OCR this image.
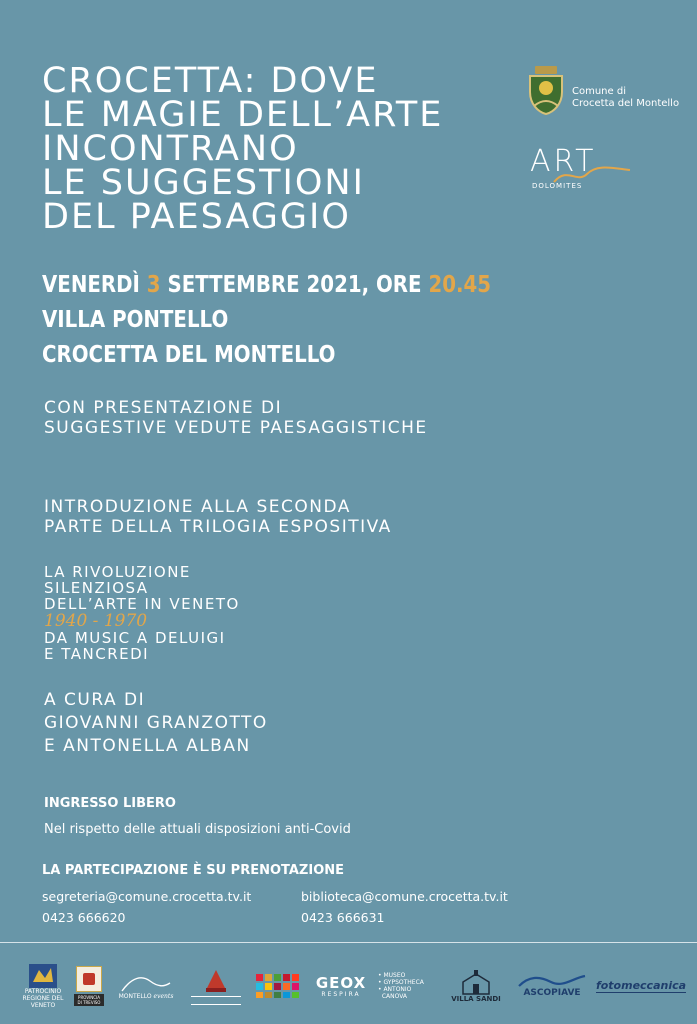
CROCETTA: DOVE
LE MAGIE DELL’ARTE
INCONTRANO
LE SUGGESTIONI
DEL PAESAGGIO
Comune di
Crocetta del Montello
ART
DOLOMITES
VENERDÌ 3 SETTEMBRE 2021, ORE 20.45
VILLA PONTELLO
CROCETTA DEL MONTELLO
CON PRESENTAZIONE DI
SUGGESTIVE VEDUTE PAESAGGISTICHE
INTRODUZIONE ALLA SECONDA
PARTE DELLA TRILOGIA ESPOSITIVA
LA RIVOLUZIONE
SILENZIOSA
DELL’ARTE IN VENETO
1940 - 1970
DA MUSIC A DELUIGI
E TANCREDI
A CURA DI
GIOVANNI GRANZOTTO
E ANTONELLA ALBAN
INGRESSO LIBERO
Nel rispetto delle attuali disposizioni anti-Covid
LA PARTECIPAZIONE È SU PRENOTAZIONE
segreteria@comune.crocetta.tv.it
0423 666620
biblioteca@comune.crocetta.tv.it
0423 666631
PATROCINIO REGIONE DEL VENETO
PROVINCIA DI TREVISO
MONTELLO events
GEOX
RESPIRA
• MUSEO
• GYPSOTHECA
• ANTONIO
CANOVA	VILLA SANDI
ASCOPIAVE
fotomeccanica
